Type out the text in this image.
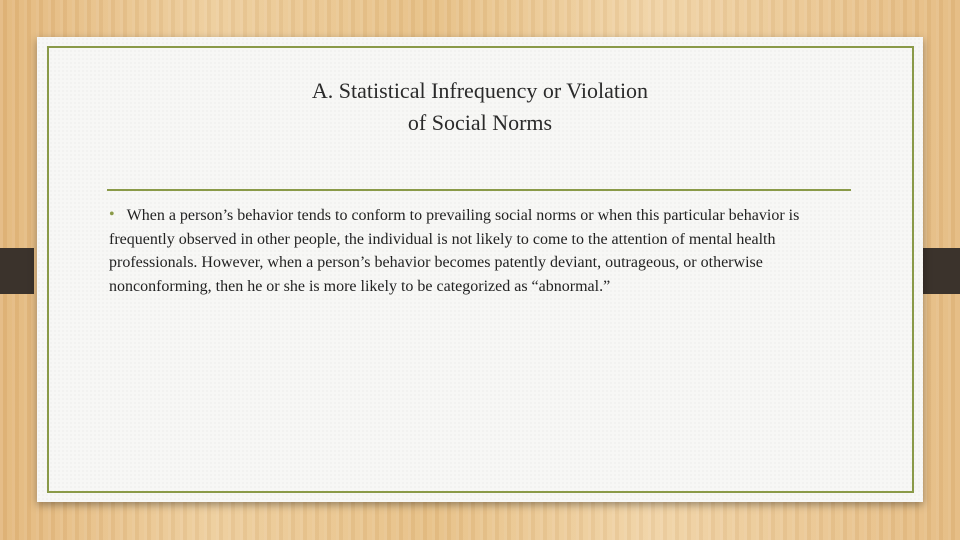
A. Statistical Infrequency or Violation
of Social Norms

• When a person’s behavior tends to conform to prevailing social norms or when this particular behavior is frequently observed in other people, the individual is not likely to come to the attention of mental health professionals. However, when a person’s behavior becomes patently deviant, outrageous, or otherwise nonconforming, then he or she is more likely to be categorized as “abnormal.”
